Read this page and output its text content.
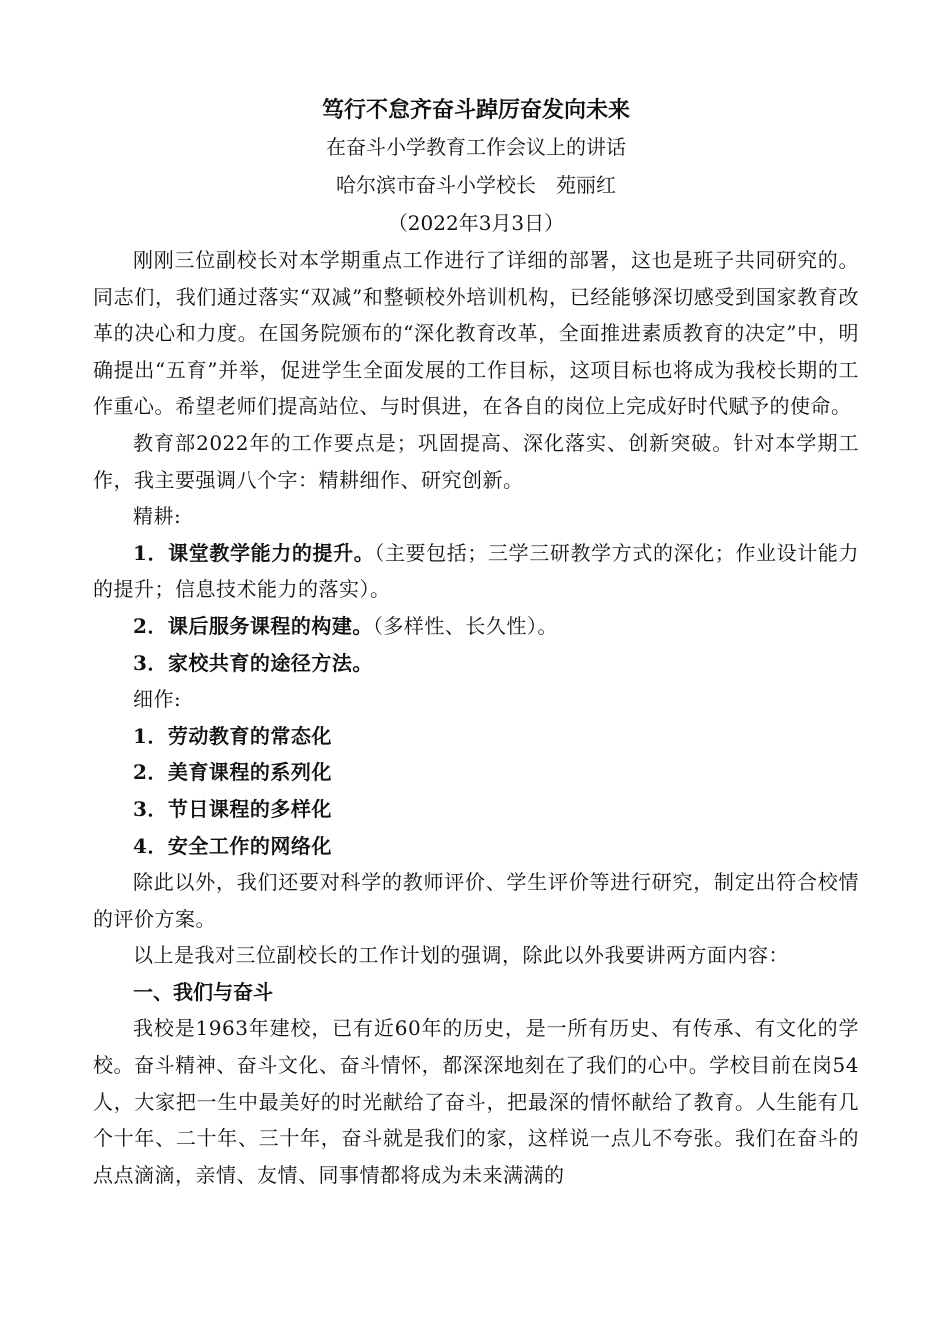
笃行不怠齐奋斗踔厉奋发向未来

在奋斗小学教育工作会议上的讲话

哈尔滨市奋斗小学校长　苑丽红

（2022年3月3日）

刚刚三位副校长对本学期重点工作进行了详细的部署，这也是班子共同研究的。同志们，我们通过落实“双减”和整顿校外培训机构，已经能够深切感受到国家教育改革的决心和力度。在国务院颁布的“深化教育改革，全面推进素质教育的决定”中，明确提出“五育”并举，促进学生全面发展的工作目标，这项目标也将成为我校长期的工作重心。希望老师们提高站位、与时俱进，在各自的岗位上完成好时代赋予的使命。

教育部2022年的工作要点是；巩固提高、深化落实、创新突破。针对本学期工作，我主要强调八个字：精耕细作、研究创新。

精耕:

1．课堂教学能力的提升。（主要包括；三学三研教学方式的深化；作业设计能力的提升；信息技术能力的落实）。

2．课后服务课程的构建。（多样性、长久性）。

3．家校共育的途径方法。

细作:

1．劳动教育的常态化

2．美育课程的系列化

3．节日课程的多样化

4．安全工作的网络化

除此以外，我们还要对科学的教师评价、学生评价等进行研究，制定出符合校情的评价方案。

以上是我对三位副校长的工作计划的强调，除此以外我要讲两方面内容：

一、我们与奋斗

我校是1963年建校，已有近60年的历史，是一所有历史、有传承、有文化的学校。奋斗精神、奋斗文化、奋斗情怀，都深深地刻在了我们的心中。学校目前在岗54人，大家把一生中最美好的时光献给了奋斗，把最深的情怀献给了教育。人生能有几个十年、二十年、三十年，奋斗就是我们的家，这样说一点儿不夸张。我们在奋斗的点点滴滴，亲情、友情、同事情都将成为未来满满的
